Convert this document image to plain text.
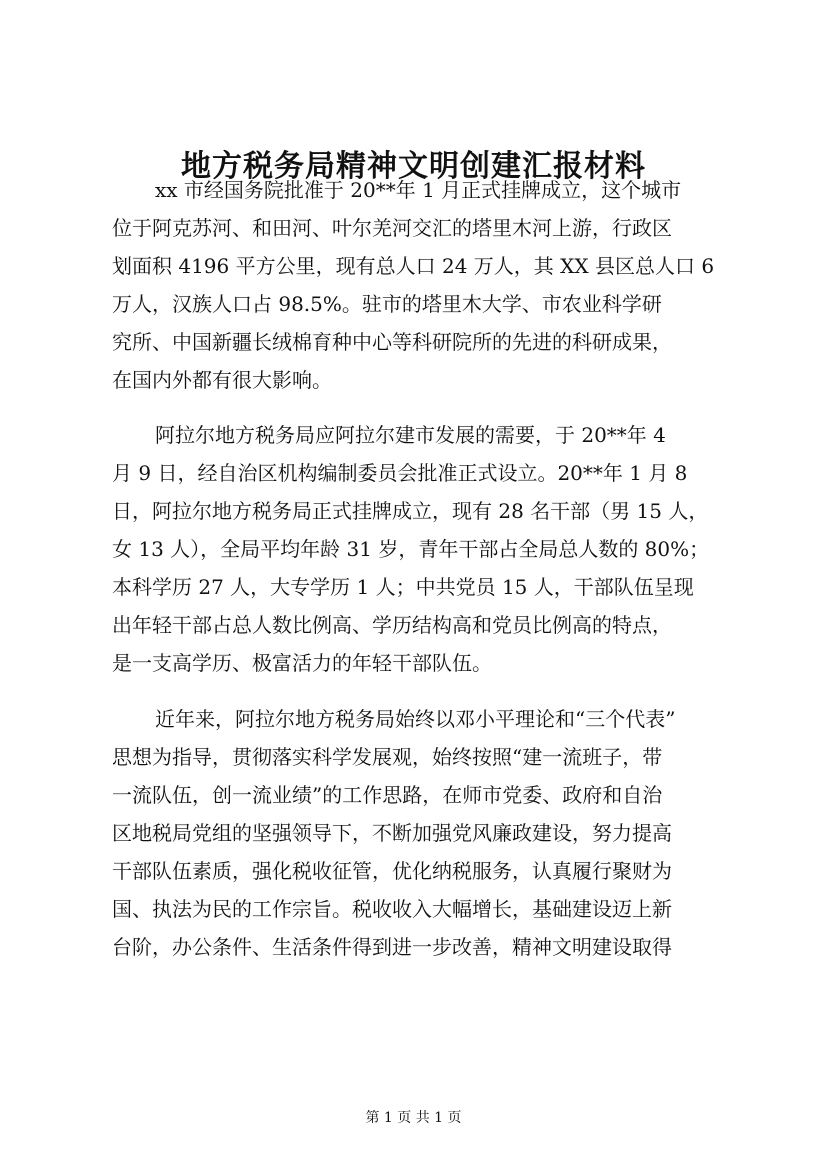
地方税务局精神文明创建汇报材料
xx 市经国务院批准于 20**年 1 月正式挂牌成立，这个城市
位于阿克苏河、和田河、叶尔羌河交汇的塔里木河上游，行政区
划面积 4196 平方公里，现有总人口 24 万人，其 XX 县区总人口 6
万人，汉族人口占 98.5%。驻市的塔里木大学、市农业科学研
究所、中国新疆长绒棉育种中心等科研院所的先进的科研成果，
在国内外都有很大影响。
阿拉尔地方税务局应阿拉尔建市发展的需要，于 20**年 4
月 9 日，经自治区机构编制委员会批准正式设立。20**年 1 月 8
日，阿拉尔地方税务局正式挂牌成立，现有 28 名干部（男 15 人，
女 13 人），全局平均年龄 31 岁，青年干部占全局总人数的 80%；
本科学历 27 人，大专学历 1 人；中共党员 15 人，干部队伍呈现
出年轻干部占总人数比例高、学历结构高和党员比例高的特点，
是一支高学历、极富活力的年轻干部队伍。
近年来，阿拉尔地方税务局始终以邓小平理论和“三个代表”
思想为指导，贯彻落实科学发展观，始终按照“建一流班子，带
一流队伍，创一流业绩”的工作思路，在师市党委、政府和自治
区地税局党组的坚强领导下，不断加强党风廉政建设，努力提高
干部队伍素质，强化税收征管，优化纳税服务，认真履行聚财为
国、执法为民的工作宗旨。税收收入大幅增长，基础建设迈上新
台阶，办公条件、生活条件得到进一步改善，精神文明建设取得
第 1 页 共 1 页
